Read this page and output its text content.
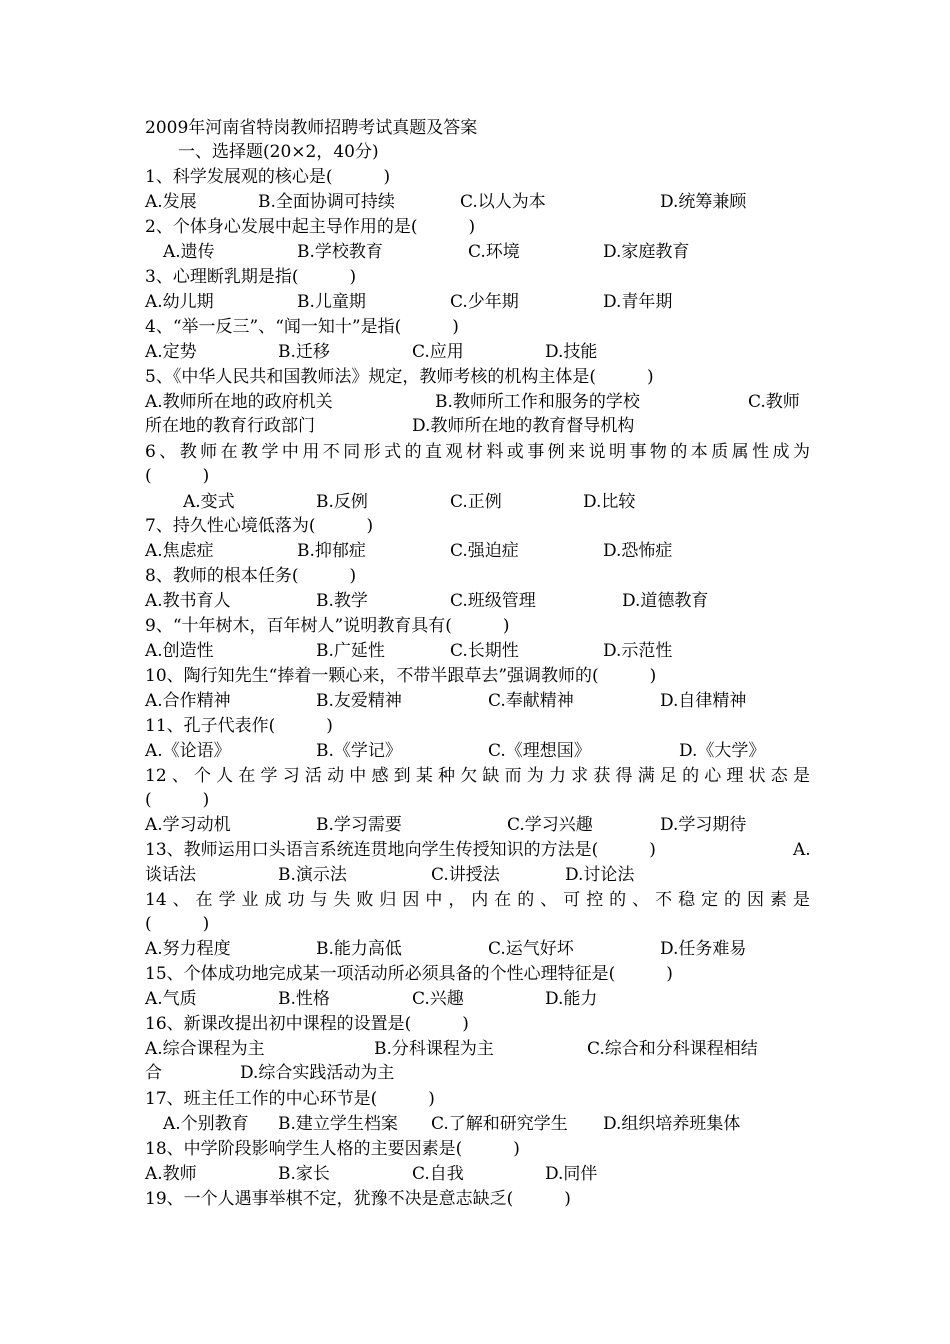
2009年河南省特岗教师招聘考试真题及答案
一、选择题(20×2，40分)
1、科学发展观的核心是(　　　)
A.发展	B.全面协调可持续	C.以人为本	D.统筹兼顾
2、个体身心发展中起主导作用的是(　　　)
A.遗传	B.学校教育	C.环境	D.家庭教育
3、心理断乳期是指(　　　)
A.幼儿期	B.儿童期	C.少年期	D.青年期
4、“举一反三”、“闻一知十”是指(　　　)
A.定势	B.迁移	C.应用	D.技能
5、《中华人民共和国教师法》规定，教师考核的机构主体是(　　　)
A.教师所在地的政府机关	B.教师所工作和服务的学校	C.教师
所在地的教育行政部门	D.教师所在地的教育督导机构
6、教师在教学中用不同形式的直观材料或事例来说明事物的本质属性成为
(　　　)
A.变式	B.反例	C.正例	D.比较
7、持久性心境低落为(　　　)
A.焦虑症	B.抑郁症	C.强迫症	D.恐怖症
8、教师的根本任务(　　　)
A.教书育人	B.教学	C.班级管理	D.道德教育
9、“十年树木，百年树人”说明教育具有(　　　)
A.创造性	B.广延性	C.长期性	D.示范性
10、陶行知先生“捧着一颗心来，不带半跟草去”强调教师的(　　　)
A.合作精神	B.友爱精神	C.奉献精神	D.自律精神
11、孔子代表作(　　　)
A.《论语》	B.《学记》	C.《理想国》	D.《大学》
12、个人在学习活动中感到某种欠缺而为力求获得满足的心理状态是
(　　　)
A.学习动机	B.学习需要	C.学习兴趣	D.学习期待
13、教师运用口头语言系统连贯地向学生传授知识的方法是(　　　)	A.
谈话法	B.演示法	C.讲授法	D.讨论法
14、在学业成功与失败归因中，内在的、可控的、不稳定的因素是
(　　　)
A.努力程度	B.能力高低	C.运气好坏	D.任务难易
15、个体成功地完成某一项活动所必须具备的个性心理特征是(　　　)
A.气质	B.性格	C.兴趣	D.能力
16、新课改提出初中课程的设置是(　　　)
A.综合课程为主	B.分科课程为主	C.综合和分科课程相结
合	D.综合实践活动为主
17、班主任工作的中心环节是(　　　)
A.个别教育 B.建立学生档案 C.了解和研究学生 D.组织培养班集体
18、中学阶段影响学生人格的主要因素是(　　　)
A.教师	B.家长	C.自我	D.同伴
19、一个人遇事举棋不定，犹豫不决是意志缺乏(　　　)
